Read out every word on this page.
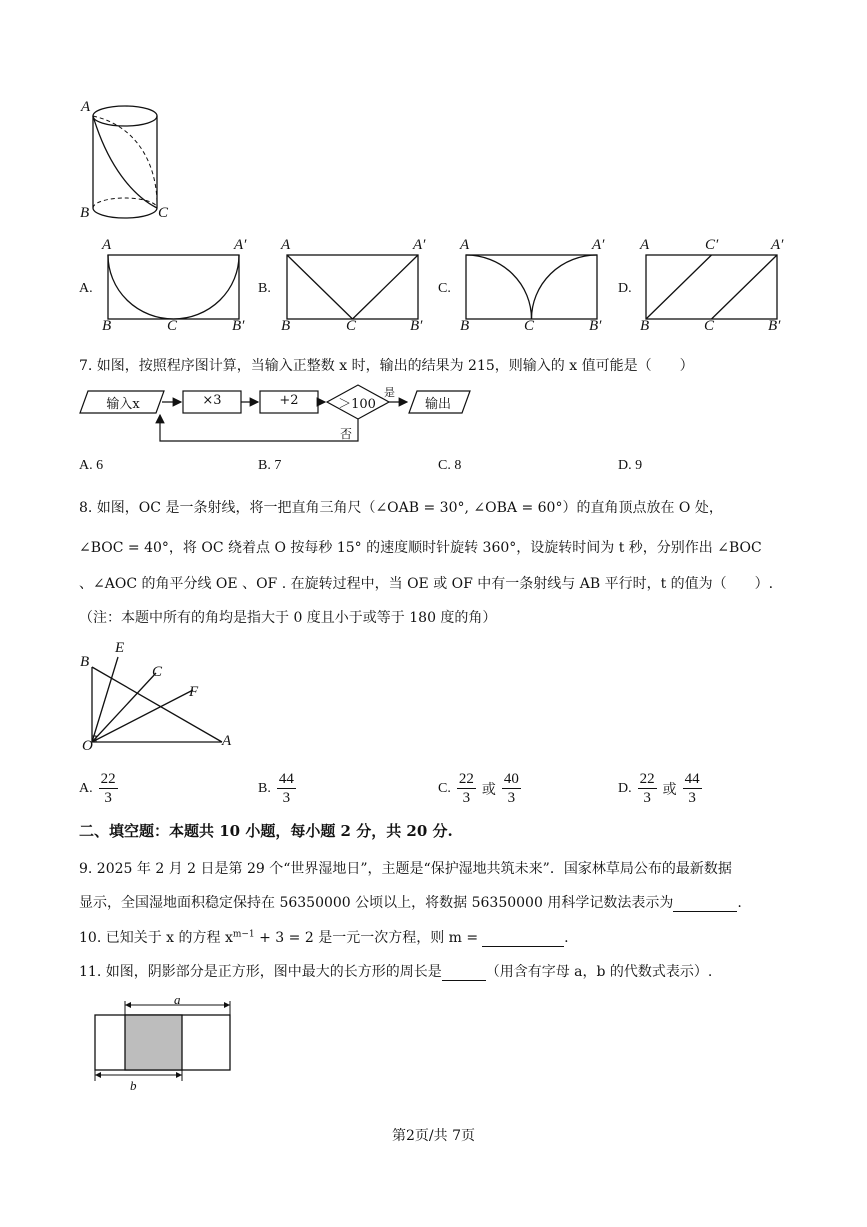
A
B	C
A.
A	A′
B	C	B′
B.
A	A′
B	C	B′
C.
A	A′
B	C	B′
D.
A	C′	A′
B	C	B′
7. 如图，按照程序图计算，当输入正整数 x 时，输出的结果为 215，则输入的 x 值可能是（　　）
输入x	×3	+2	＞100	输出
是
否
A. 6	B. 7	C. 8	D. 9
8. 如图，OC 是一条射线，将一把直角三角尺（∠OAB = 30°, ∠OBA = 60°）的直角顶点放在 O 处，
∠BOC = 40°，将 OC 绕着点 O 按每秒 15° 的速度顺时针旋转 360°，设旋转时间为 t 秒，分别作出 ∠BOC
、∠AOC 的角平分线 OE 、OF . 在旋转过程中，当 OE 或 OF 中有一条射线与 AB 平行时，t 的值为（　　）.
（注：本题中所有的角均是指大于 0 度且小于或等于 180 度的角）
B
E
C
F
O	A
A. $\frac{22}{3}$	B. $\frac{44}{3}$	C. $\frac{22}{3}$ 或 $\frac{40}{3}$	D. $\frac{22}{3}$ 或 $\frac{44}{3}$
二、填空题：本题共 10 小题，每小题 2 分，共 20 分.
9. 2025 年 2 月 2 日是第 29 个“世界湿地日”，主题是“保护湿地共筑未来”．国家林草局公布的最新数据
显示，全国湿地面积稳定保持在 56350000 公顷以上，将数据 56350000 用科学记数法表示为	.
10. 已知关于 x 的方程 $x^{m-1} + 3 = 2$ 是一元一次方程，则 m =	.
11. 如图，阴影部分是正方形，图中最大的长方形的周长是	（用含有字母 a，b 的代数式表示）.
a
b
第2页/共 7页
